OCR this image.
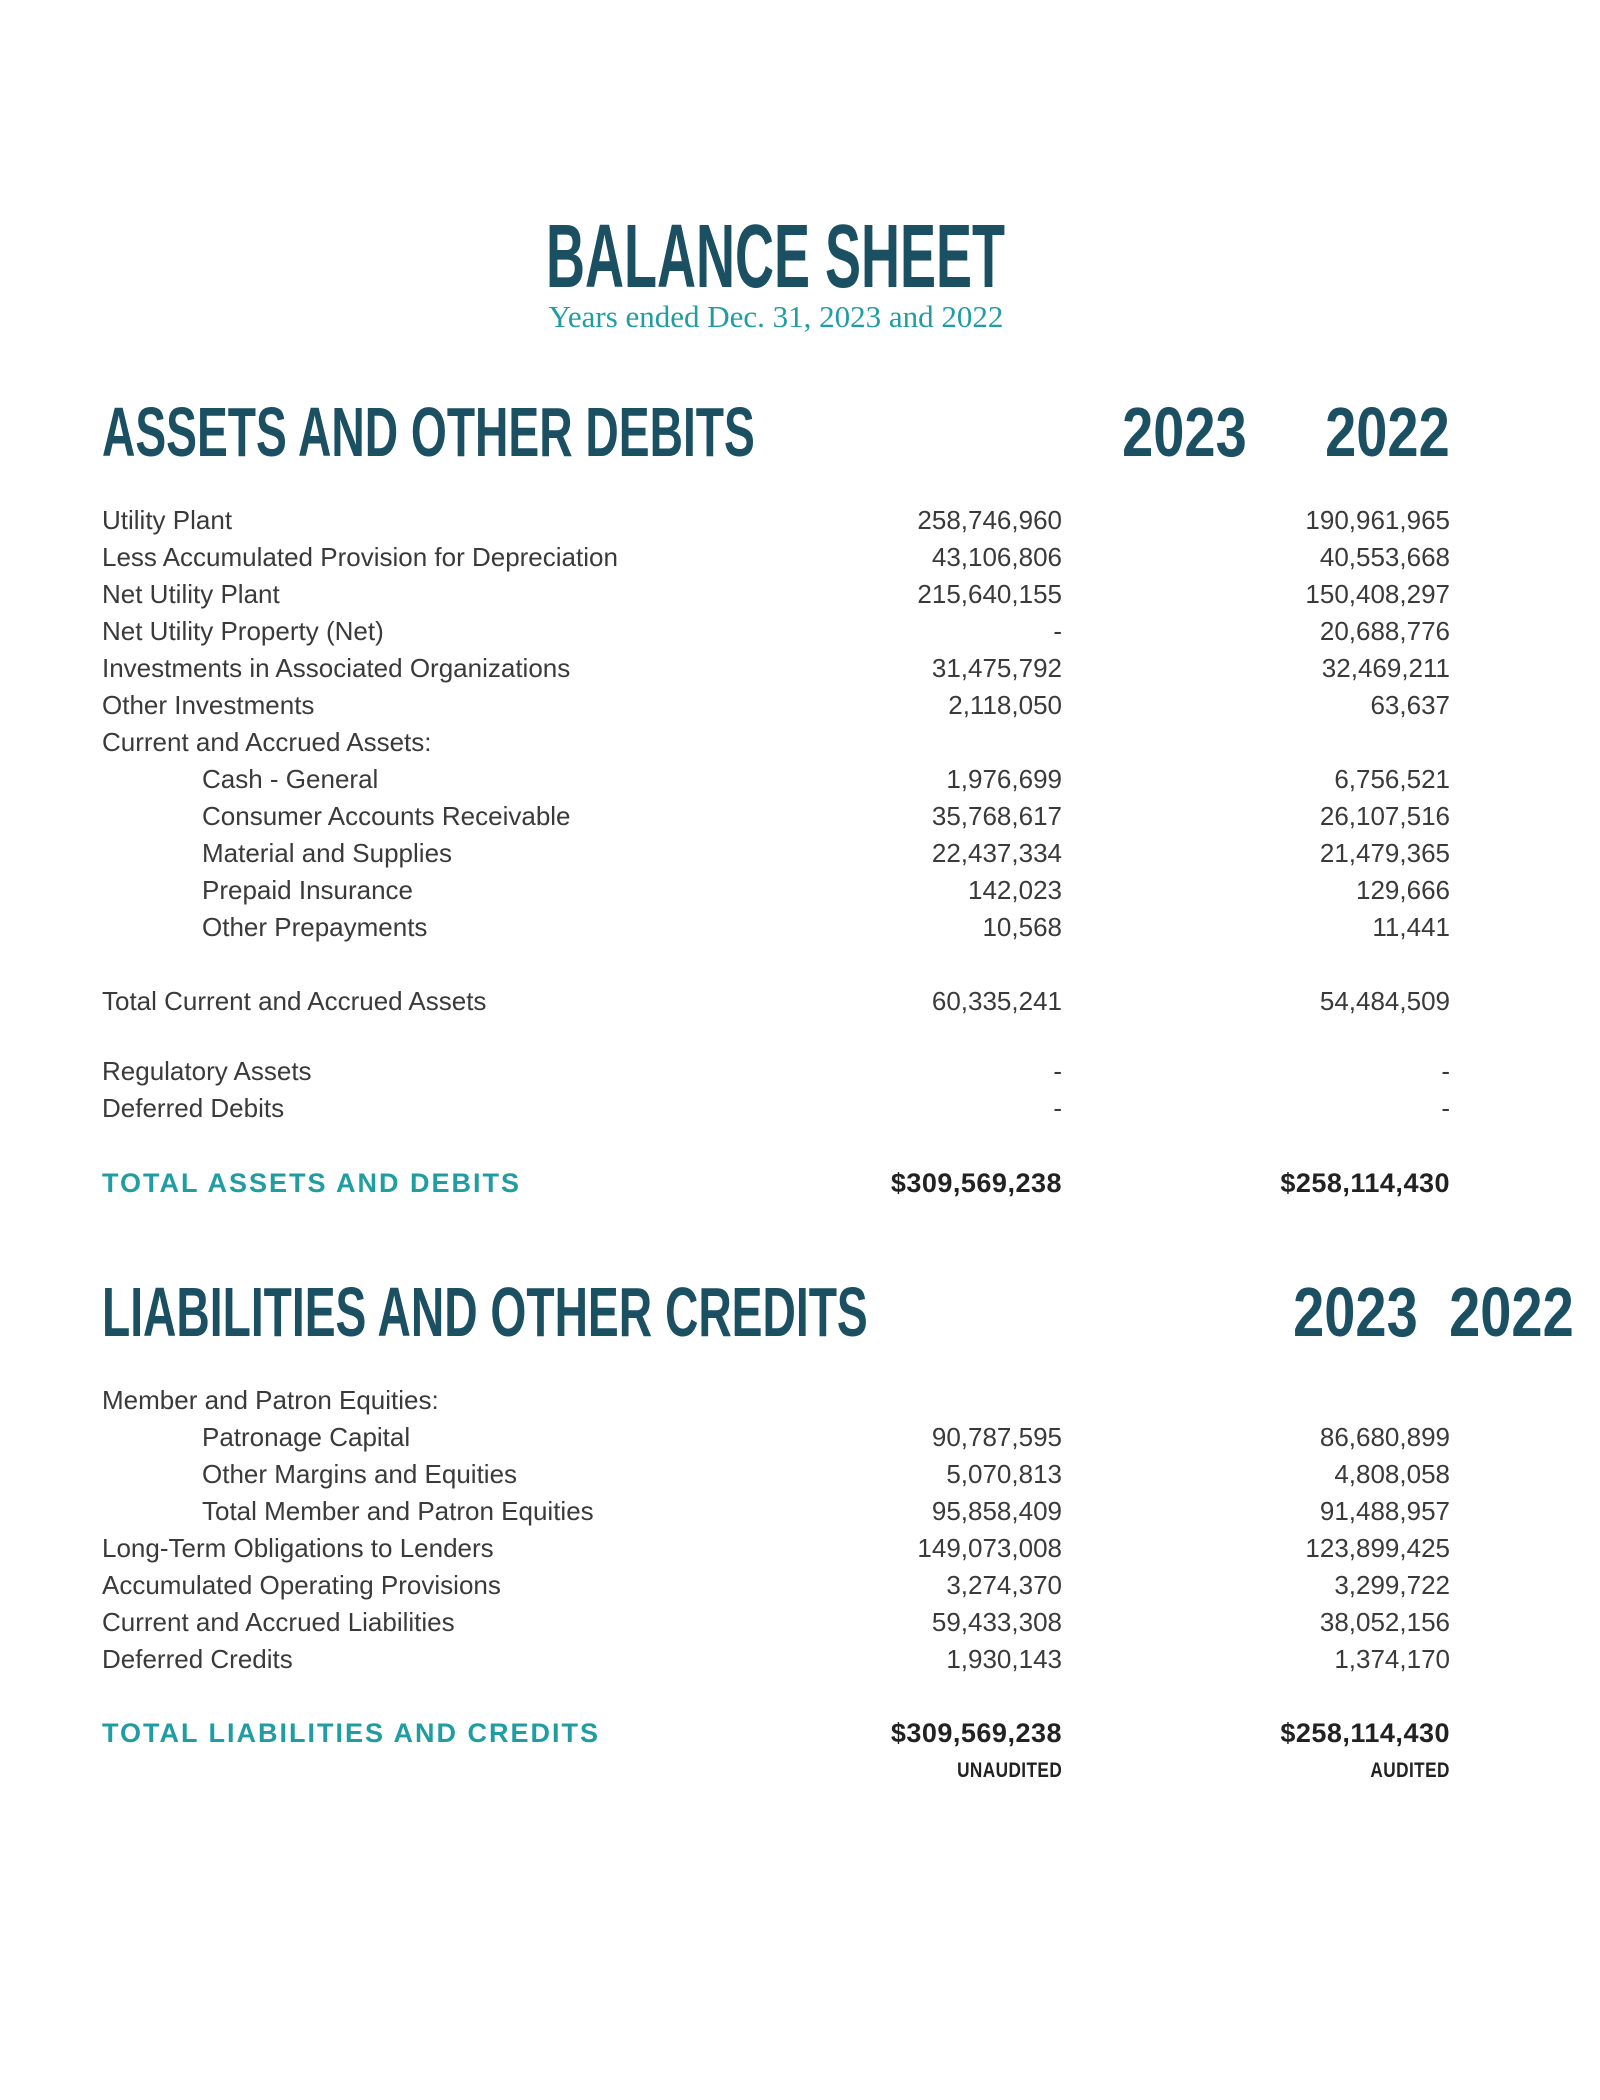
BALANCE SHEET
Years ended Dec. 31, 2023 and 2022
ASSETS AND OTHER DEBITS	2023	2022
Utility Plant	258,746,960	190,961,965
Less Accumulated Provision for Depreciation	43,106,806	40,553,668
Net Utility Plant	215,640,155	150,408,297
Net Utility Property (Net)	-	20,688,776
Investments in Associated Organizations	31,475,792	32,469,211
Other Investments	2,118,050	63,637
Current and Accrued Assets:
Cash - General	1,976,699	6,756,521
Consumer Accounts Receivable	35,768,617	26,107,516
Material and Supplies	22,437,334	21,479,365
Prepaid Insurance	142,023	129,666
Other Prepayments	10,568	11,441
Total Current and Accrued Assets	60,335,241	54,484,509
Regulatory Assets	-	-
Deferred Debits	-	-
TOTAL ASSETS AND DEBITS	$309,569,238	$258,114,430
LIABILITIES AND OTHER CREDITS	2023 2022
Member and Patron Equities:
Patronage Capital	90,787,595	86,680,899
Other Margins and Equities	5,070,813	4,808,058
Total Member and Patron Equities	95,858,409	91,488,957
Long-Term Obligations to Lenders	149,073,008	123,899,425
Accumulated Operating Provisions	3,274,370	3,299,722
Current and Accrued Liabilities	59,433,308	38,052,156
Deferred Credits	1,930,143	1,374,170
TOTAL LIABILITIES AND CREDITS	$309,569,238	$258,114,430
UNAUDITED	AUDITED
